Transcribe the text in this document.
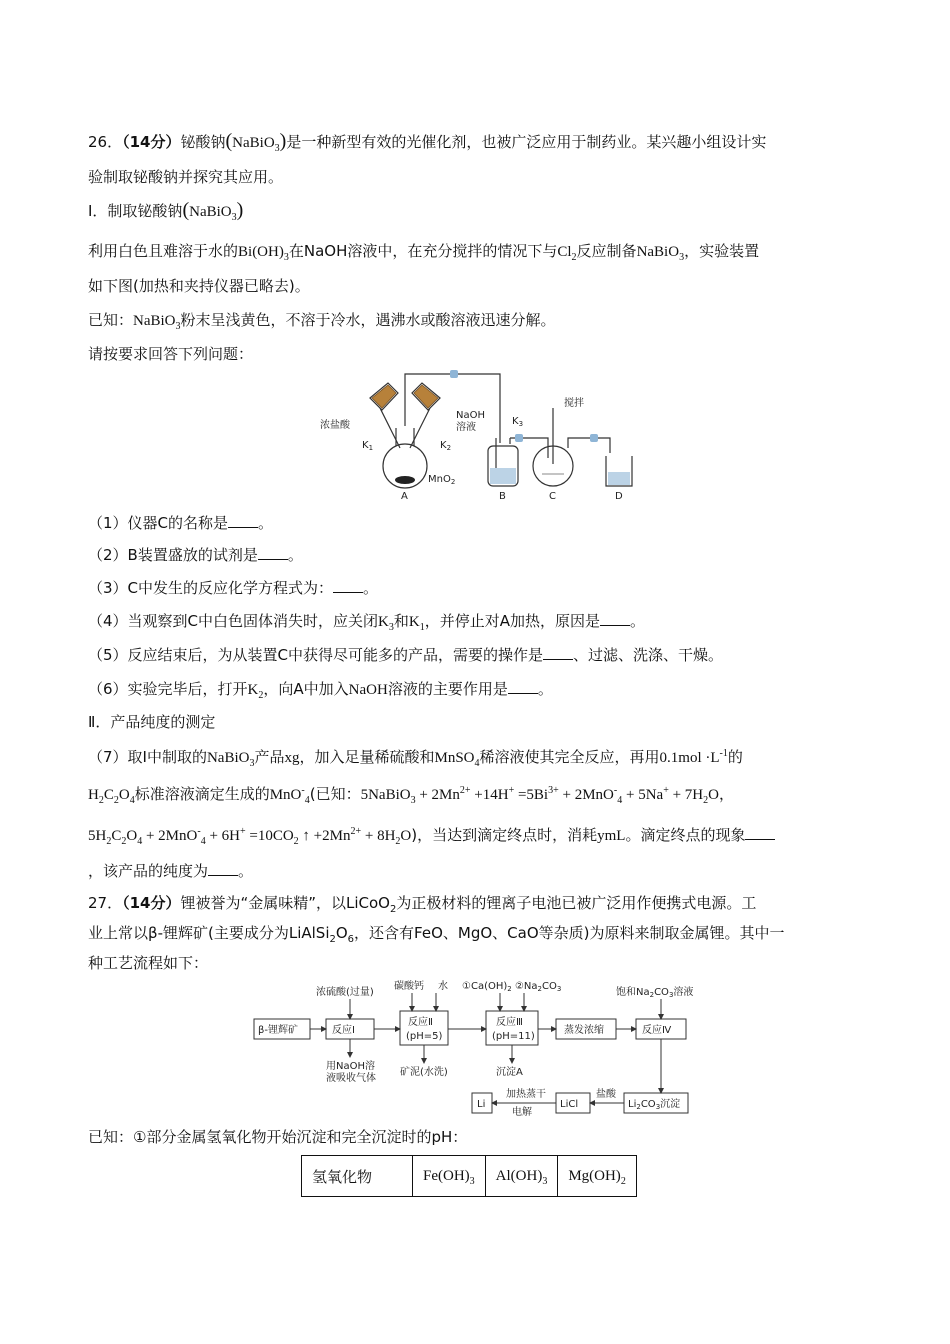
26．（14分）铋酸钠(NaBiO$_3$)是一种新型有效的光催化剂，也被广泛应用于制药业。某兴趣小组设计实
验制取铋酸钠并探究其应用。
I．制取铋酸钠(NaBiO$_3$)
利用白色且难溶于水的$Bi(OH)_3$在NaOH溶液中，在充分搅拌的情况下与$Cl_2$反应制备NaBiO$_3$，实验装置
如下图(加热和夹持仪器已略去)。
已知：NaBiO$_3$粉末呈浅黄色，不溶于冷水，遇沸水或酸溶液迅速分解。
请按要求回答下列问题：
浓盐酸
NaOH
溶液
$K_1$	$K_2$
$K_3$
MnO$_2$
搅拌
A	B	C	D
（1）仪器C的名称是 。
（2）B装置盛放的试剂是 。
（3）C中发生的反应化学方程式为： 。
（4）当观察到C中白色固体消失时，应关闭$K_3$和$K_1$，并停止对A加热，原因是 。
（5）反应结束后，为从装置C中获得尽可能多的产品，需要的操作是 、过滤、洗涤、干燥。
（6）实验完毕后，打开$K_2$，向A中加入NaOH溶液的主要作用是 。
Ⅱ．产品纯度的测定
（7）取Ⅰ中制取的NaBiO$_3$产品xg，加入足量稀硫酸和MnSO$_4$稀溶液使其完全反应，再用$0.1mol \cdot L^{-1}$的
$H_2C_2O_4$标准溶液滴定生成的MnO-$_4$(已知：5NaBiO$_3$ + $2Mn^{2+} +14H^+ =5Bi^{3+} + 2MnO^-_4 + 5Na^+ + 7H_2O$，
$5H_2C_2O_4 + 2MnO^-_4 + 6H^+ =10CO_2$ ↑ $+2Mn^{2+} + 8H_2O$)，当达到滴定终点时，消耗ymL。滴定终点的现象
，该产品的纯度为 。
27．（14分）锂被誉为“金属味精”，以LiCoO$_2$为正极材料的锂离子电池已被广泛用作便携式电源。工
业上常以β-锂辉矿(主要成分为$LiAlSi_2O_6$，还含有FeO、MgO、CaO等杂质)为原料来制取金属锂。其中一
种工艺流程如下：
β-锂辉矿	反应Ⅰ
浓硫酸(过量)
用NaOH溶
液吸收气体
碳酸钙 水
反应Ⅱ
(pH=5)
矿泥(水洗)
$①Ca(OH)_2$ $②Na_2CO_3$
反应Ⅲ
(pH=11)
沉淀A
蒸发浓缩
饱和$Na_2CO_3$溶液
反应Ⅳ
$Li_2CO_3$沉淀
盐酸
LiCl
加热蒸干
电解
Li
已知：①部分金属氢氧化物开始沉淀和完全沉淀时的pH：
氢氧化物	$Fe(OH)_3$	$Al(OH)_3$	$Mg(OH)_2$
